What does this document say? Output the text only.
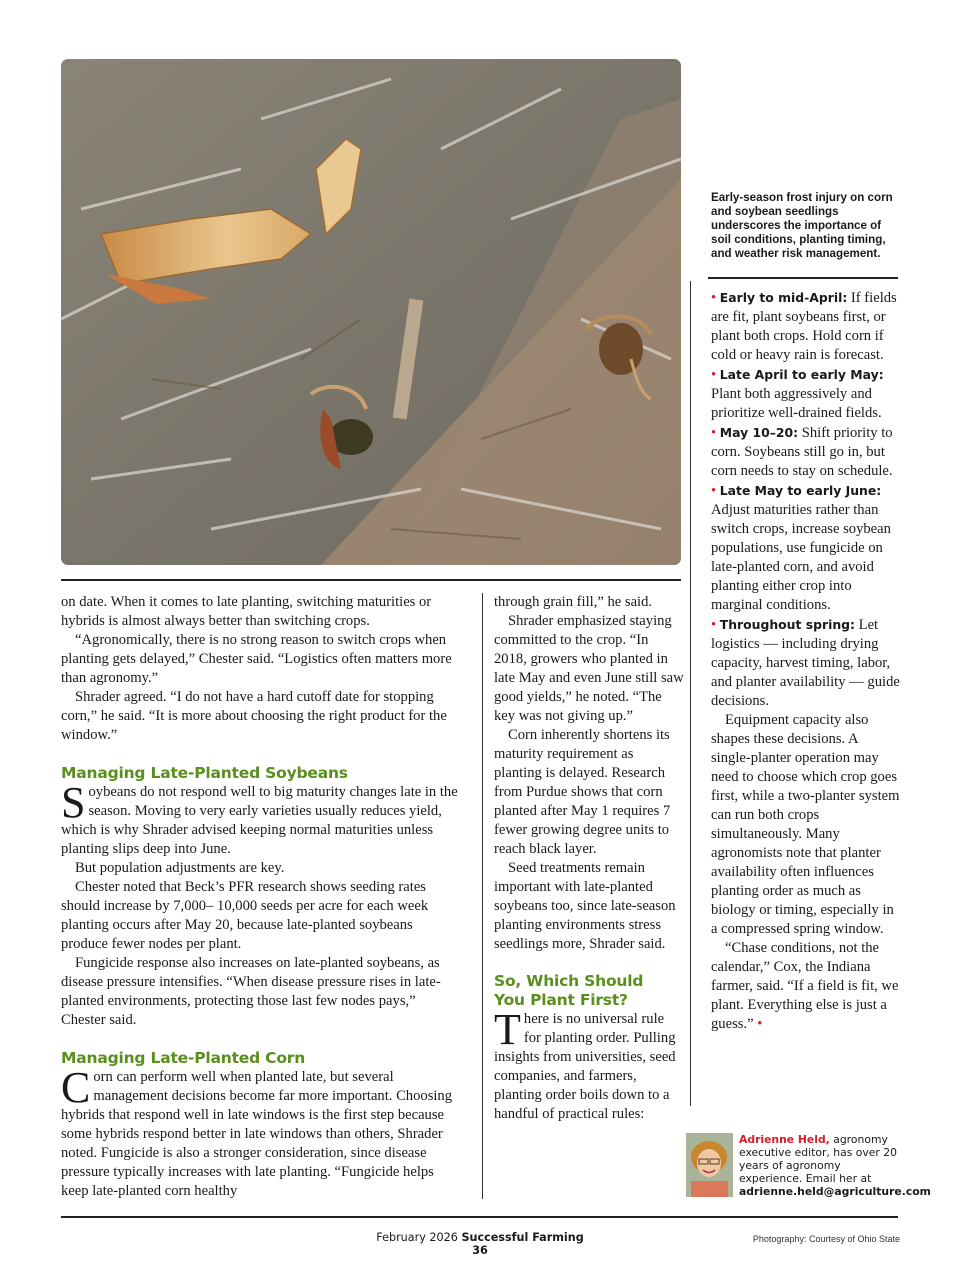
Early-season frost injury on corn and soybean seedlings underscores the importance of soil conditions, planting timing, and weather risk management.

on date. When it comes to late planting, switching maturities or hybrids is almost always better than switching crops.

“Agronomically, there is no strong reason to switch crops when planting gets delayed,” Chester said. “Logistics often matters more than agronomy.”

Shrader agreed. “I do not have a hard cutoff date for stopping corn,” he said. “It is more about choosing the right product for the window.”

Managing Late-Planted Soybeans

Soybeans do not respond well to big maturity changes late in the season. Moving to very early varieties usually reduces yield, which is why Shrader advised keeping normal maturities unless planting slips deep into June.

But population adjustments are key.

Chester noted that Beck’s PFR research shows seeding rates should increase by 7,000– 10,000 seeds per acre for each week planting occurs after May 20, because late-planted soybeans produce fewer nodes per plant.

Fungicide response also increases on late-planted soybeans, as disease pressure intensifies. “When disease pressure rises in late-planted environments, protecting those last few nodes pays,” Chester said.

Managing Late-Planted Corn

Corn can perform well when planted late, but several management decisions become far more important. Choosing hybrids that respond well in late windows is the first step because some hybrids respond better in late windows than others, Shrader noted. Fungicide is also a stronger consideration, since disease pressure typically increases with late planting. “Fungicide helps keep late-planted corn healthy

through grain fill,” he said.

Shrader emphasized staying committed to the crop. “In 2018, growers who planted in late May and even June still saw good yields,” he noted. “The key was not giving up.”

Corn inherently shortens its maturity requirement as planting is delayed. Research from Purdue shows that corn planted after May 1 requires 7 fewer growing degree units to reach black layer.

Seed treatments remain important with late-planted soybeans too, since late-season planting environments stress seedlings more, Shrader said.

So, Which Should
You Plant First?

There is no universal rule for planting order. Pulling insights from universities, seed companies, and farmers, planting order boils down to a handful of practical rules:

• Early to mid-April: If fields are fit, plant soybeans first, or plant both crops. Hold corn if cold or heavy rain is forecast.

• Late April to early May: Plant both aggressively and prioritize well-drained fields.

• May 10–20: Shift priority to corn. Soybeans still go in, but corn needs to stay on schedule.

• Late May to early June: Adjust maturities rather than switch crops, increase soybean populations, use fungicide on late-planted corn, and avoid planting either crop into marginal conditions.

• Throughout spring: Let logistics — including drying capacity, harvest timing, labor, and planter availability — guide decisions.

Equipment capacity also shapes these decisions. A single-planter operation may need to choose which crop goes first, while a two-planter system can run both crops simultaneously. Many agronomists note that planter availability often influences planting order as much as biology or timing, especially in a compressed spring window.

“Chase conditions, not the calendar,” Cox, the Indiana farmer, said. “If a field is fit, we plant. Everything else is just a guess.” •

Adrienne Held, agronomy executive editor, has over 20 years of agronomy experience. Email her at adrienne.held@agriculture.com
February 2026 Successful Farming
36
Photography: Courtesy of Ohio State
